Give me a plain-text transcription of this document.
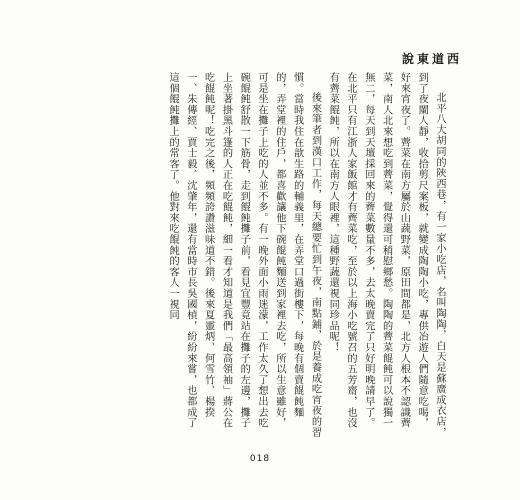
說東道西

北平八大胡同的陝西巷，有一家小吃店，名叫陶陶，白天是蘇廣成衣店，到了夜闌人靜，收拾剪尺案板，就變成陶陶小吃，專供冶遊人們隨意吃喝，好來宵夜了。薺菜在南方屬於山蔬野菜，原田間都是，北方人根本不認識薺菜，南人北來想吃到薺菜，覺得還可稍慰鄉愁。陶陶的薺菜餛飩可以說獨一無二，每天到天壇採回來的薺菜數量不多，去太晚賣完了只好明晚請早了。在北平只有江浙人家飯館才有薺菜吃，至於以上海小吃號召的五芳齋，也沒有薺菜餛飩，所以在南方人眼裡，這種野蔬還視同珍品呢！

後來筆者到漢口工作，每天總要忙到午夜，南點鋪，於是養成吃宵夜的習慣。當時我住在歆生路的輔義里，在弄堂口過街樓下，每晚有個賣餛飩麵的，弄堂裡的住戶，都喜歡讓他下碗餛飩麵送到家裡去吃，所以生意雖好，可是坐在攤子上吃的人並不多。有一晚外面小雨迷濛，工作太久了想出去吃碗餛飩舒散一下筋骨，走到餛飩攤子前，看見宜豐竟站在攤子的左邊，攤子上坐著掛黑斗篷的人正在吃餛飩，細一看才知道是我們「最高領袖」蔣公在吃餛飩呢！吃完之後，頻頻誇讚滋味道不錯。後來夏靈炳、何雪竹、楊揆一、朱傳經、賈士毅、沈肇年，還有當時市長吳國楨，紛紛來嘗，也都成了這個餛飩攤上的常客了。他對來吃餛飩的客人一視同

018
